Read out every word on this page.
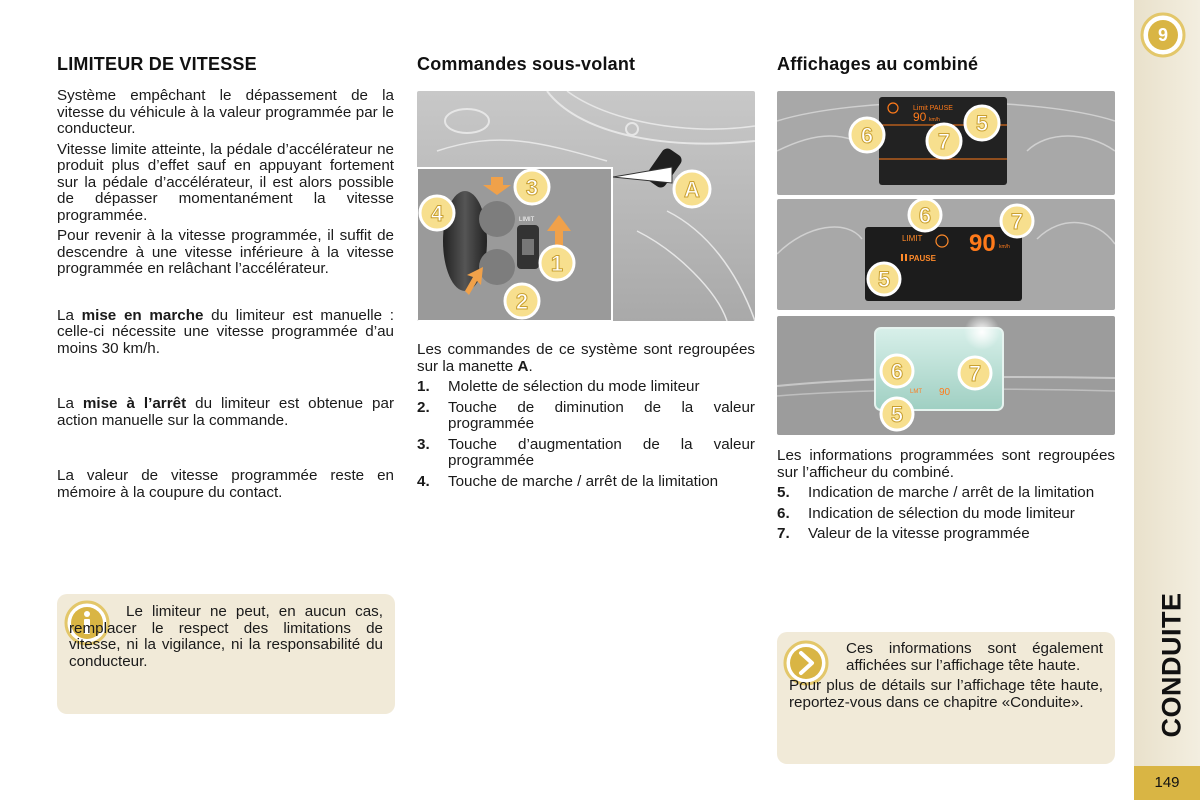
9
CONDUITE
149
LIMITEUR DE VITESSE

Système empêchant le dépassement de la vitesse du véhicule à la valeur programmée par le conducteur.

Vitesse limite atteinte, la pédale d’accélérateur ne produit plus d’effet sauf en appuyant fortement sur la pédale d’accélérateur, il est alors possible de dépasser momentanément la vitesse programmée.

Pour revenir à la vitesse programmée, il suffit de descendre à une vitesse inférieure à la vitesse programmée en relâchant l’accélérateur.

La mise en marche du limiteur est manuelle : celle-ci nécessite une vitesse programmée d’au moins 30 km/h.

La mise à l’arrêt du limiteur est obtenue par action manuelle sur la commande.

La valeur de vitesse programmée reste en mémoire à la coupure du contact.

Le limiteur ne peut, en aucun cas, remplacer le respect des limitations de vitesse, ni la vigilance, ni la responsabilité du conducteur.

Commandes sous-volant
LIMIT
3
4
1
2
A

Les commandes de ce système sont regroupées sur la manette A.

1.	Molette de sélection du mode limiteur
2.	Touche de diminution de la valeur programmée
3.	Touche d’augmentation de la valeur programmée
4.	Touche de marche / arrêt de la limitation
Affichages au combiné
Limit PAUSE
90 km/h
6	7
5
LIMIT 90 km/h
PAUSE
6	7
5
LMT 90
6	7
5

Les informations programmées sont regroupées sur l’afficheur du combiné.

5.	Indication de marche / arrêt de la limitation
6.	Indication de sélection du mode limiteur
7.	Valeur de la vitesse programmée

Ces informations sont également affichées sur l’affichage tête haute.

Pour plus de détails sur l’affichage tête haute, reportez-vous dans ce chapitre «Conduite».
